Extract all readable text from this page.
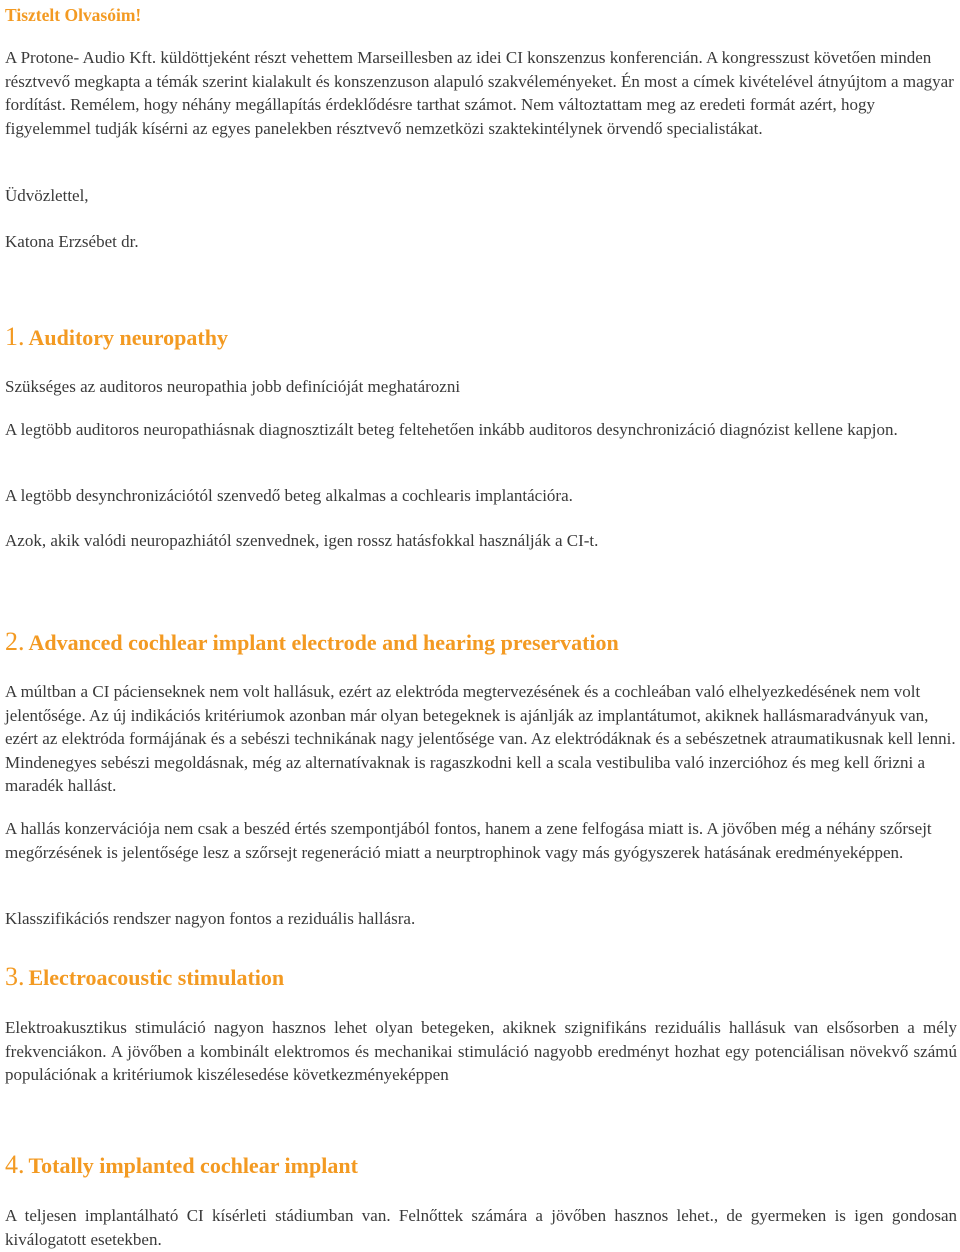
Tisztelt Olvasóim!

A Protone- Audio Kft. küldöttjeként részt vehettem Marseillesben az idei CI konszenzus konferencián. A kongresszust követően minden résztvevő megkapta a témák szerint kialakult és konszenzuson alapuló szakvéleményeket. Én most a címek kivételével átnyújtom a magyar fordítást. Remélem, hogy néhány megállapítás érdeklődésre tarthat számot. Nem változtattam meg az eredeti formát azért, hogy figyelemmel tudják kísérni az egyes panelekben résztvevő nemzetközi szaktekintélynek örvendő specialistákat.

Üdvözlettel,

Katona Erzsébet dr.

1. Auditory neuropathy

Szükséges az auditoros neuropathia jobb definícióját meghatározni

A legtöbb auditoros neuropathiásnak diagnosztizált beteg feltehetően inkább auditoros desynchronizáció diagnózist kellene kapjon.

A legtöbb desynchronizációtól szenvedő beteg alkalmas a cochlearis implantációra.

Azok, akik valódi neuropazhiától szenvednek, igen rossz hatásfokkal használják a CI-t.

2. Advanced cochlear implant electrode and hearing preservation

A múltban a CI pácienseknek nem volt hallásuk, ezért az elektróda megtervezésének és a cochleában való elhelyezkedésének nem volt jelentősége. Az új indikációs kritériumok azonban már olyan betegeknek is ajánlják az implantátumot, akiknek hallásmaradványuk van, ezért az elektróda formájának és a sebészi technikának nagy jelentősége van. Az elektródáknak és a sebészetnek atraumatikusnak kell lenni. Mindenegyes sebészi megoldásnak, még az alternatívaknak is ragaszkodni kell a scala vestibuliba való inzercióhoz és meg kell őrizni a maradék hallást.

A hallás konzervációja nem csak a beszéd értés szempontjából fontos, hanem a zene felfogása miatt is. A jövőben még a néhány szőrsejt megőrzésének is jelentősége lesz a szőrsejt regeneráció miatt a neurptrophinok vagy más gyógyszerek hatásának eredményeképpen.

Klasszifikációs rendszer nagyon fontos a reziduális hallásra.

3. Electroacoustic stimulation

Elektroakusztikus stimuláció nagyon hasznos lehet olyan betegeken, akiknek szignifikáns reziduális hallásuk van elsősorben a mély frekvenciákon. A jövőben a kombinált elektromos és mechanikai stimuláció nagyobb eredményt hozhat egy potenciálisan növekvő számú populációnak a kritériumok kiszélesedése következményeképpen

4. Totally implanted cochlear implant

A teljesen implantálható CI kísérleti stádiumban van. Felnőttek számára a jövőben hasznos lehet., de gyermeken is igen gondosan kiválogatott esetekben.
